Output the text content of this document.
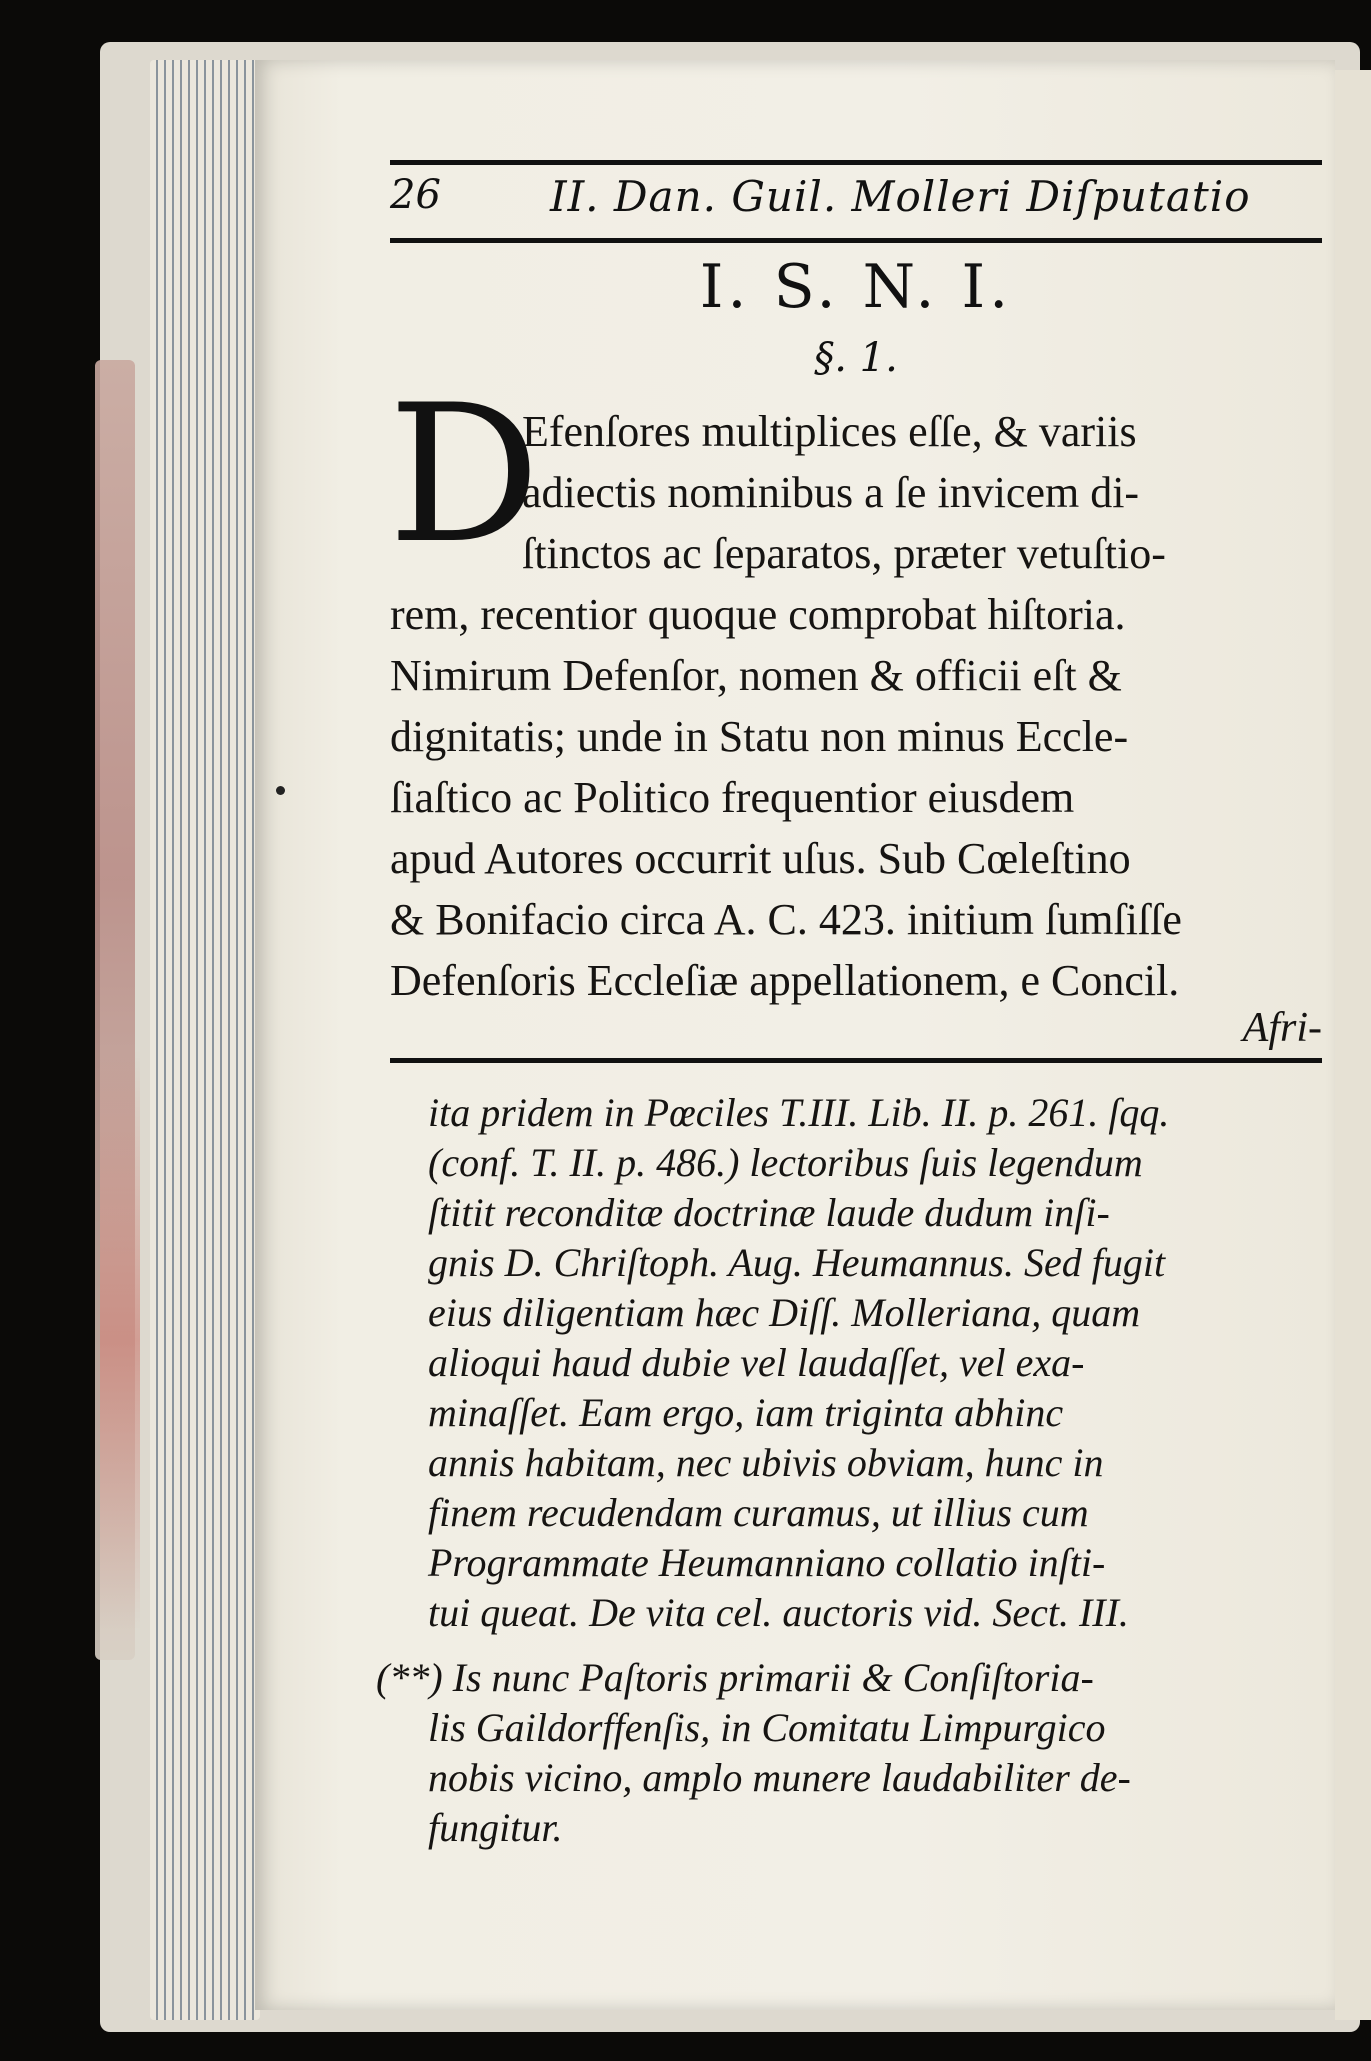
26	II. Dan. Guil. Molleri Diſputatio
I. S. N. I.
§. 1.
D
Efenſores multiplices eſſe, & variis
adiectis nominibus a ſe invicem di-
ſtinctos ac ſeparatos, præter vetuſtio-
rem, recentior quoque comprobat hiſtoria.
Nimirum Defenſor, nomen & officii eſt &
dignitatis; unde in Statu non minus Eccle-
ſiaſtico ac Politico frequentior eiusdem
apud Autores occurrit uſus. Sub Cœleſtino
& Bonifacio circa A. C. 423. initium ſumſiſſe
Defenſoris Eccleſiæ appellationem, e Concil.
Afri-
ita pridem in Pœciles T.III. Lib. II. p. 261. ſqq.
(conf. T. II. p. 486.) lectoribus ſuis legendum
ſtitit reconditæ doctrinæ laude dudum inſi-
gnis D. Chriſtoph. Aug. Heumannus. Sed fugit
eius diligentiam hæc Diſſ. Molleriana, quam
alioqui haud dubie vel laudaſſet, vel exa-
minaſſet. Eam ergo, iam triginta abhinc
annis habitam, nec ubivis obviam, hunc in
finem recudendam curamus, ut illius cum
Programmate Heumanniano collatio inſti-
tui queat. De vita cel. auctoris vid. Sect. III.
(**) Is nunc Paſtoris primarii & Conſiſtoria-
lis Gaildorffenſis, in Comitatu Limpurgico
nobis vicino, amplo munere laudabiliter de-
fungitur.
